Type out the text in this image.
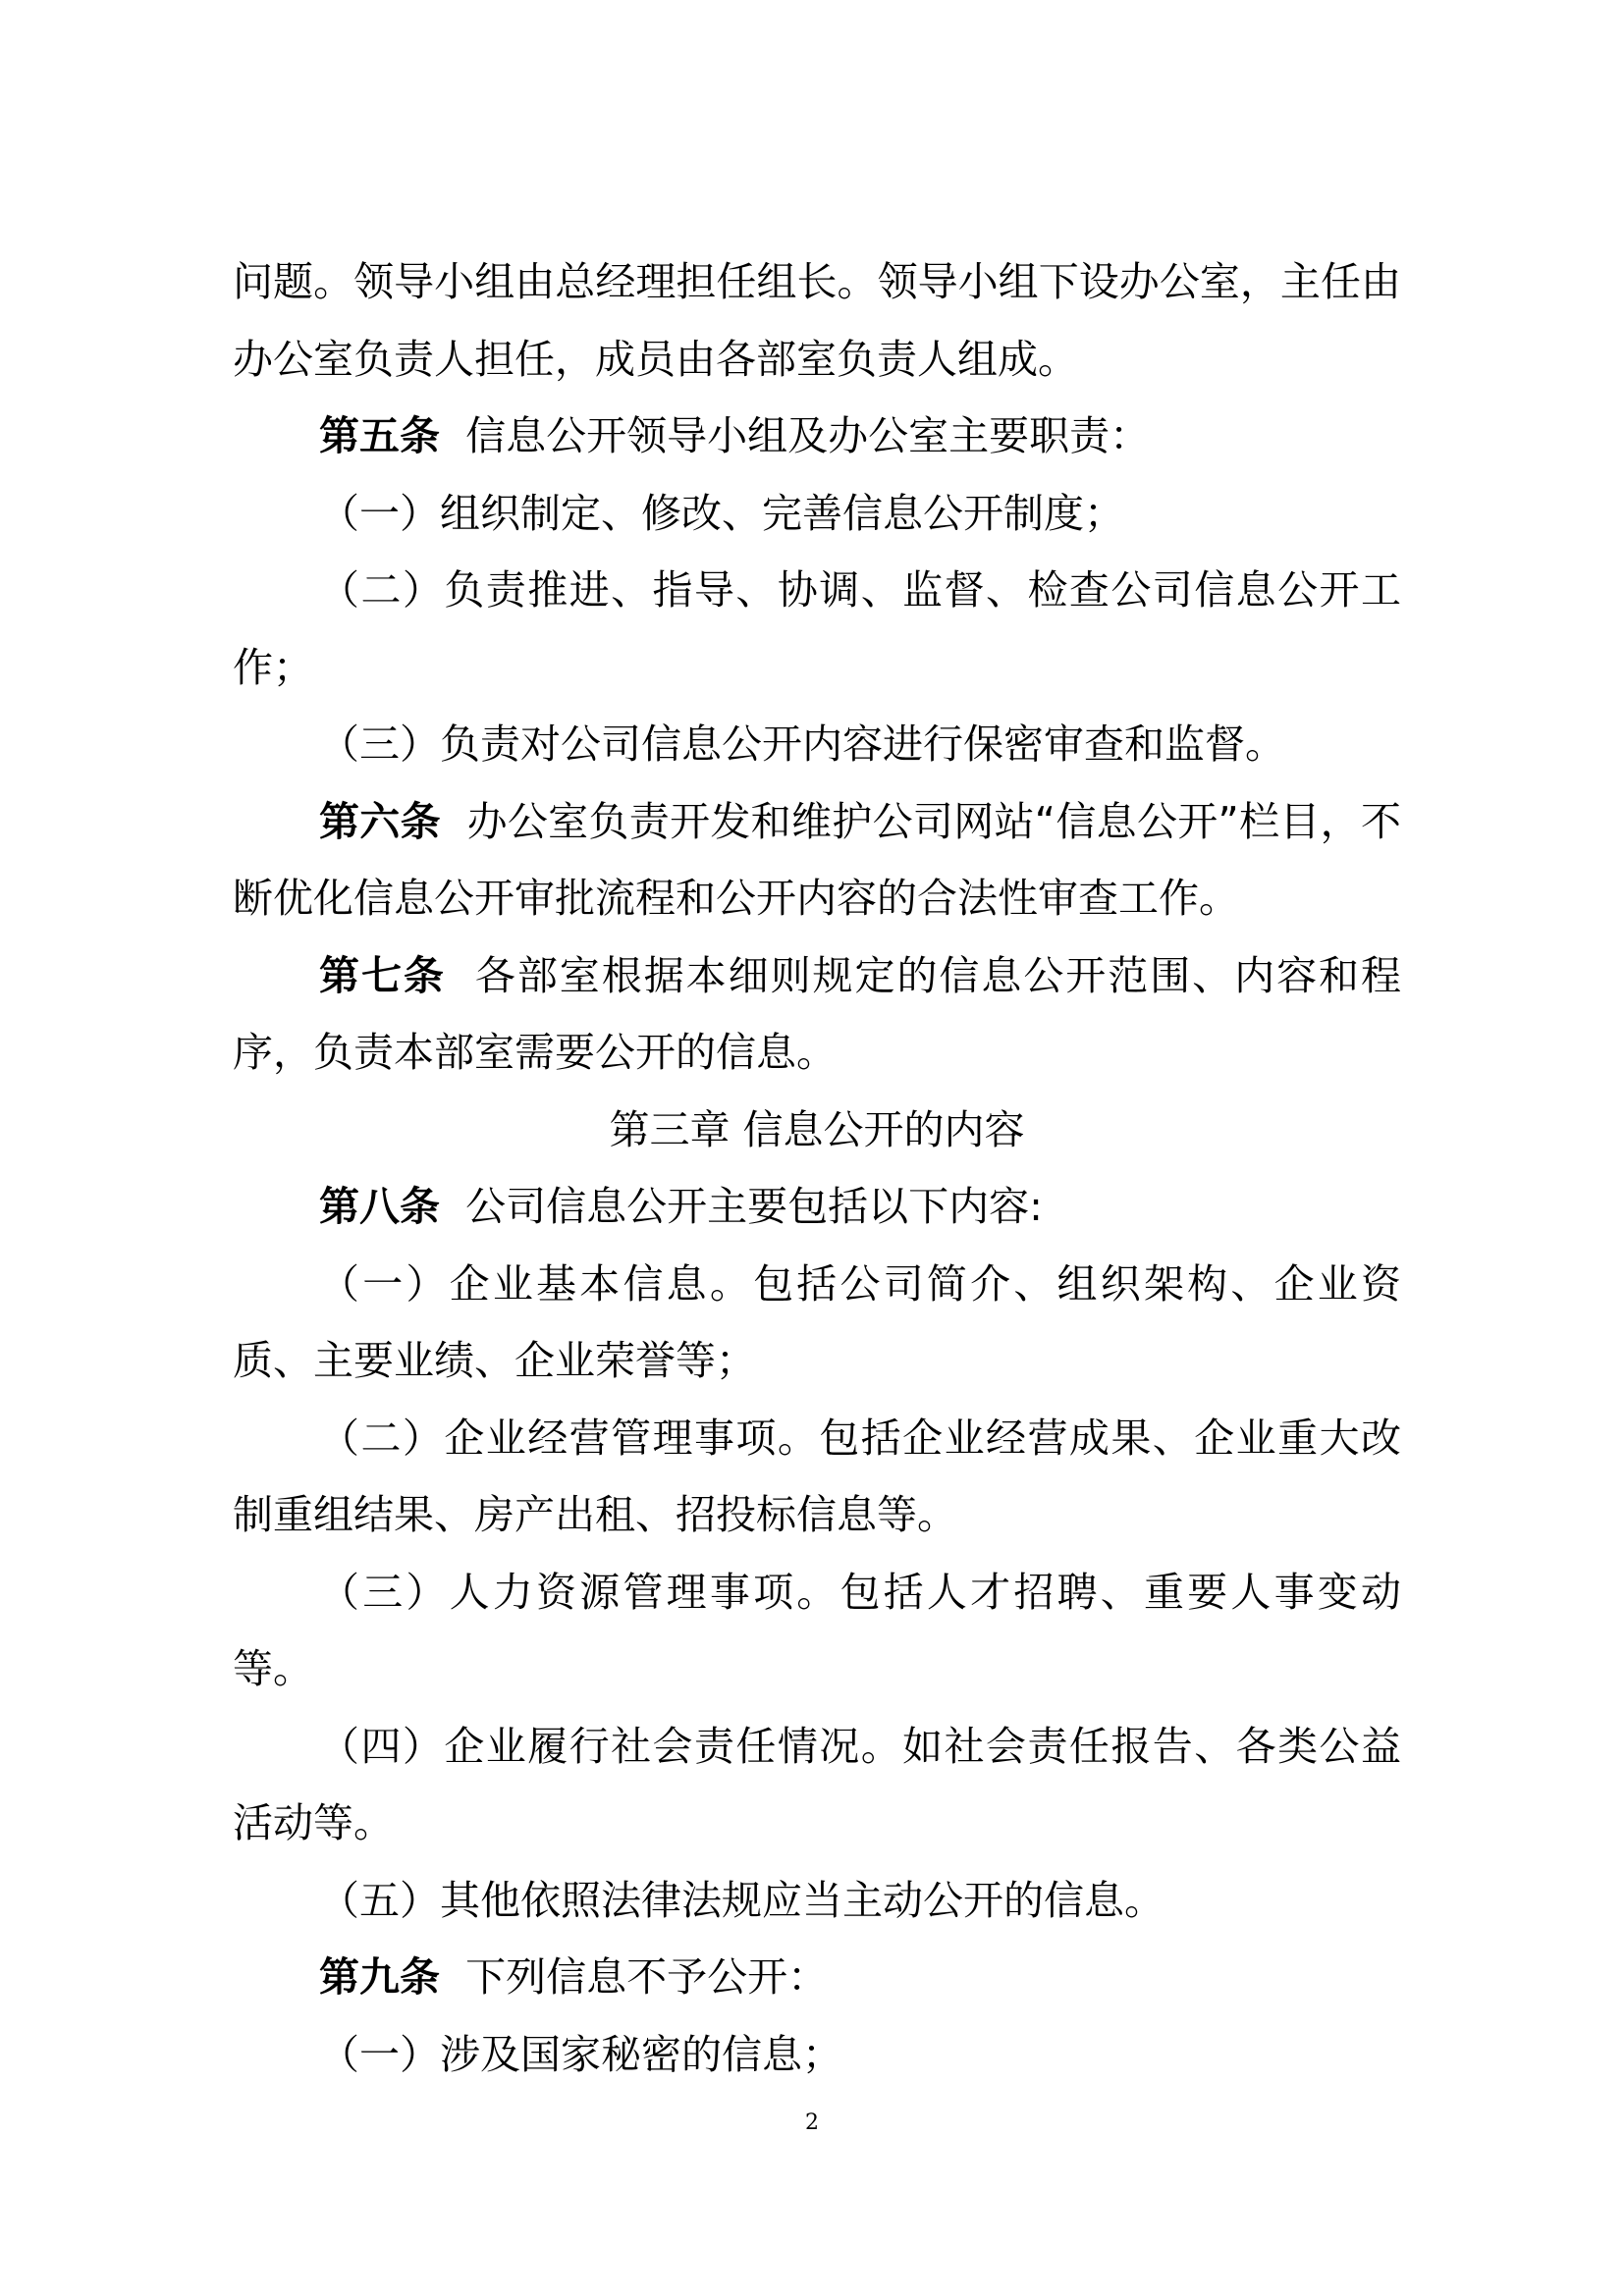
问题。领导小组由总经理担任组长。领导小组下设办公室，主任由办公室负责人担任，成员由各部室负责人组成。
第五条 信息公开领导小组及办公室主要职责：
（一）组织制定、修改、完善信息公开制度；
（二）负责推进、指导、协调、监督、检查公司信息公开工作；
（三）负责对公司信息公开内容进行保密审查和监督。
第六条 办公室负责开发和维护公司网站“信息公开”栏目，不断优化信息公开审批流程和公开内容的合法性审查工作。
第七条 各部室根据本细则规定的信息公开范围、内容和程序，负责本部室需要公开的信息。
第三章 信息公开的内容
第八条 公司信息公开主要包括以下内容:
（一）企业基本信息。包括公司简介、组织架构、企业资质、主要业绩、企业荣誉等；
（二）企业经营管理事项。包括企业经营成果、企业重大改制重组结果、房产出租、招投标信息等。
（三）人力资源管理事项。包括人才招聘、重要人事变动等。
（四）企业履行社会责任情况。如社会责任报告、各类公益活动等。
（五）其他依照法律法规应当主动公开的信息。
第九条 下列信息不予公开：
（一）涉及国家秘密的信息；
2
